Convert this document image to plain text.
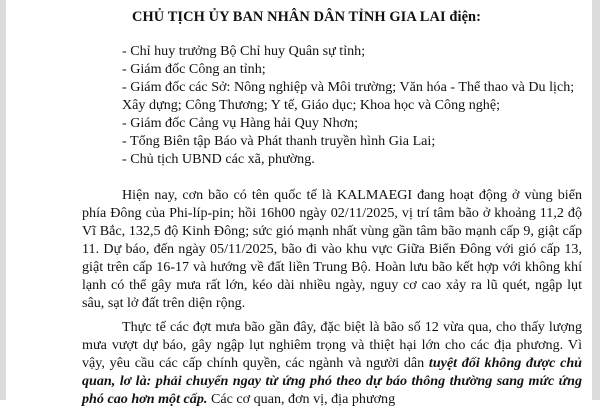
CHỦ TỊCH ỦY BAN NHÂN DÂN TỈNH GIA LAI điện:
- Chỉ huy trưởng Bộ Chỉ huy Quân sự tỉnh;
- Giám đốc Công an tỉnh;
- Giám đốc các Sở: Nông nghiệp và Môi trường; Văn hóa - Thể thao và Du lịch; Xây dựng; Công Thương; Y tế, Giáo dục; Khoa học và Công nghệ;
- Giám đốc Cảng vụ Hàng hải Quy Nhơn;
- Tổng Biên tập Báo và Phát thanh truyền hình Gia Lai;
- Chủ tịch UBND các xã, phường.

Hiện nay, cơn bão có tên quốc tế là KALMAEGI đang hoạt động ở vùng biển phía Đông của Phi-líp-pin; hồi 16h00 ngày 02/11/2025, vị trí tâm bão ở khoảng 11,2 độ Vĩ Bắc, 132,5 độ Kinh Đông; sức gió mạnh nhất vùng gần tâm bão mạnh cấp 9, giật cấp 11. Dự báo, đến ngày 05/11/2025, bão đi vào khu vực Giữa Biển Đông với gió cấp 13, giật trên cấp 16-17 và hướng về đất liền Trung Bộ. Hoàn lưu bão kết hợp với không khí lạnh có thể gây mưa rất lớn, kéo dài nhiều ngày, nguy cơ cao xảy ra lũ quét, ngập lụt sâu, sạt lở đất trên diện rộng.

Thực tế các đợt mưa bão gần đây, đặc biệt là bão số 12 vừa qua, cho thấy lượng mưa vượt dự báo, gây ngập lụt nghiêm trọng và thiệt hại lớn cho các địa phương. Vì vậy, yêu cầu các cấp chính quyền, các ngành và người dân tuyệt đối không được chủ quan, lơ là: phải chuyển ngay từ ứng phó theo dự báo thông thường sang mức ứng phó cao hơn một cấp. Các cơ quan, đơn vị, địa phương
